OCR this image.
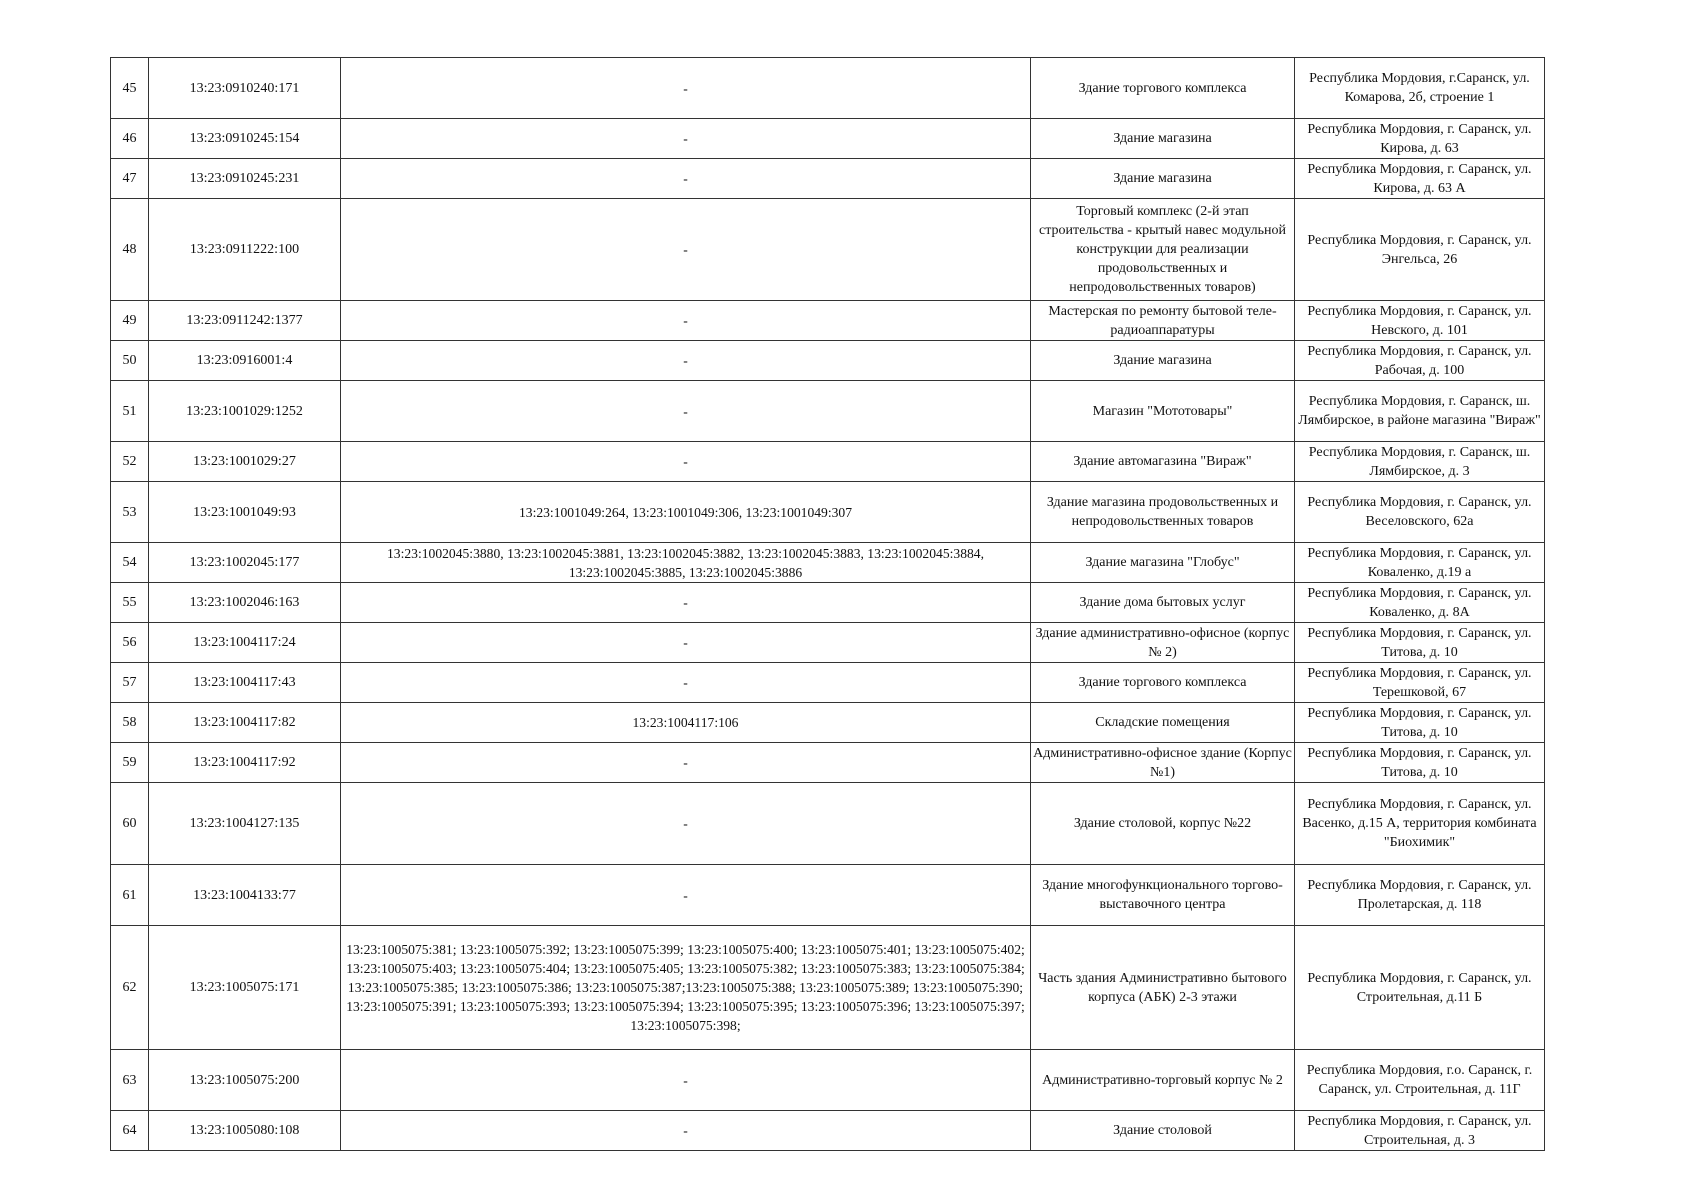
45	13:23:0910240:171	-	Здание торгового комплекса	Республика Мордовия, г.Саранск, ул. Комарова, 2б, строение 1
46	13:23:0910245:154	-	Здание магазина	Республика Мордовия, г. Саранск, ул. Кирова, д. 63
47	13:23:0910245:231	-	Здание магазина	Республика Мордовия, г. Саранск, ул. Кирова, д. 63 А
48	13:23:0911222:100	-	Торговый комплекс (2-й этап строительства - крытый навес модульной конструкции для реализации продовольственных и непродовольственных товаров)	Республика Мордовия, г. Саранск, ул. Энгельса, 26
49	13:23:0911242:1377	-	Мастерская по ремонту бытовой теле-радиоаппаратуры	Республика Мордовия, г. Саранск, ул. Невского, д. 101
50	13:23:0916001:4	-	Здание магазина	Республика Мордовия, г. Саранск, ул. Рабочая, д. 100
51	13:23:1001029:1252	-	Магазин "Мототовары"	Республика Мордовия, г. Саранск, ш. Лямбирское, в районе магазина "Вираж"
52	13:23:1001029:27	-	Здание автомагазина "Вираж"	Республика Мордовия, г. Саранск, ш. Лямбирское, д. 3
53	13:23:1001049:93	13:23:1001049:264, 13:23:1001049:306, 13:23:1001049:307	Здание магазина продовольственных и непродовольственных товаров	Республика Мордовия, г. Саранск, ул. Веселовского, 62а
54	13:23:1002045:177	13:23:1002045:3880, 13:23:1002045:3881, 13:23:1002045:3882, 13:23:1002045:3883, 13:23:1002045:3884, 13:23:1002045:3885, 13:23:1002045:3886	Здание магазина "Глобус"	Республика Мордовия, г. Саранск, ул. Коваленко, д.19 а
55	13:23:1002046:163	-	Здание дома бытовых услуг	Республика Мордовия, г. Саранск, ул. Коваленко, д. 8А
56	13:23:1004117:24	-	Здание административно-офисное (корпус № 2)	Республика Мордовия, г. Саранск, ул. Титова, д. 10
57	13:23:1004117:43	-	Здание торгового комплекса	Республика Мордовия, г. Саранск, ул. Терешковой, 67
58	13:23:1004117:82	13:23:1004117:106	Складские помещения	Республика Мордовия, г. Саранск, ул. Титова, д. 10
59	13:23:1004117:92	-	Административно-офисное здание (Корпус №1)	Республика Мордовия, г. Саранск, ул. Титова, д. 10
60	13:23:1004127:135	-	Здание столовой, корпус №22	Республика Мордовия, г. Саранск, ул. Васенко, д.15 А, территория комбината "Биохимик"
61	13:23:1004133:77	-	Здание многофункционального торгово-выставочного центра	Республика Мордовия, г. Саранск, ул. Пролетарская, д. 118
62	13:23:1005075:171	13:23:1005075:381; 13:23:1005075:392; 13:23:1005075:399; 13:23:1005075:400; 13:23:1005075:401; 13:23:1005075:402; 13:23:1005075:403; 13:23:1005075:404; 13:23:1005075:405; 13:23:1005075:382; 13:23:1005075:383; 13:23:1005075:384; 13:23:1005075:385; 13:23:1005075:386; 13:23:1005075:387;13:23:1005075:388; 13:23:1005075:389; 13:23:1005075:390; 13:23:1005075:391; 13:23:1005075:393; 13:23:1005075:394; 13:23:1005075:395; 13:23:1005075:396; 13:23:1005075:397; 13:23:1005075:398;	Часть здания Административно бытового корпуса (АБК) 2-3 этажи	Республика Мордовия, г. Саранск, ул. Строительная, д.11 Б
63	13:23:1005075:200	-	Административно-торговый корпус № 2	Республика Мордовия, г.о. Саранск, г. Саранск, ул. Строительная, д. 11Г
64	13:23:1005080:108	-	Здание столовой	Республика Мордовия, г. Саранск, ул. Строительная, д. 3
